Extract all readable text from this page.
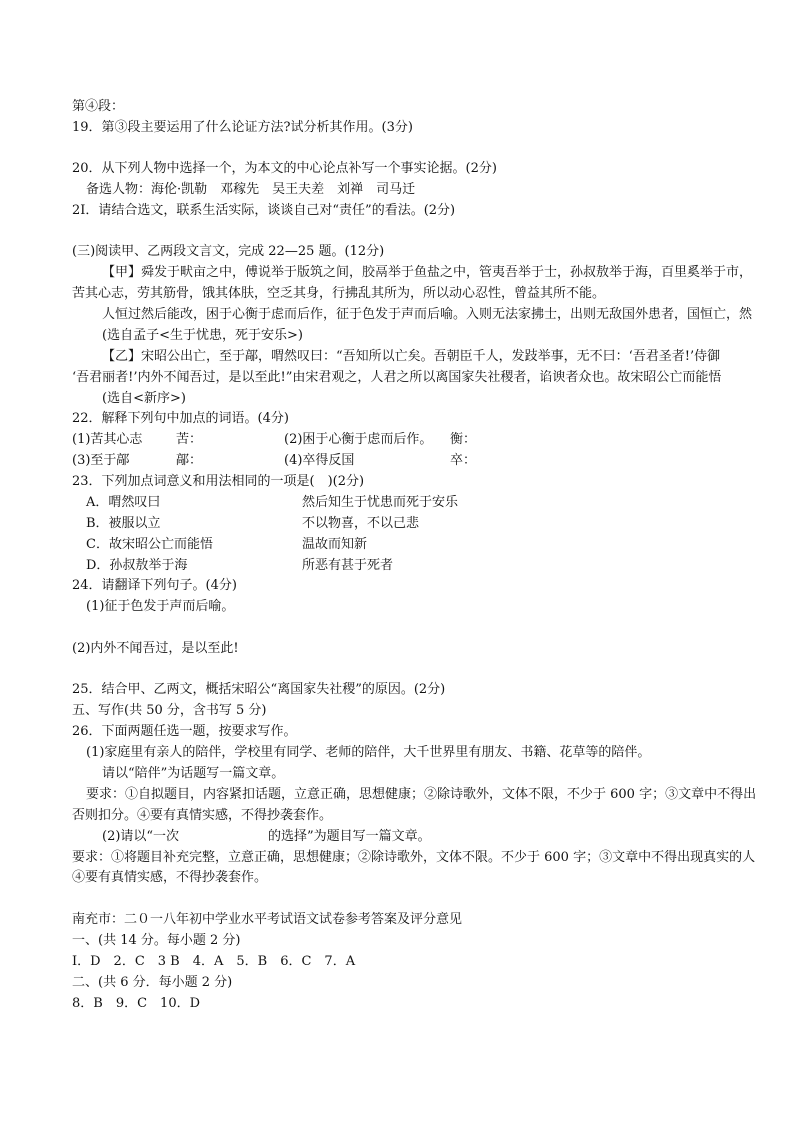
第④段：
19．第③段主要运用了什么论证方法?试分析其作用。(3分)
20．从下列人物中选择一个，为本文的中心论点补写一个事实论据。(2分)
备选人物：海伦·凯勒　邓稼先　吴王夫差　刘禅　司马迁
2I．请结合选文，联系生活实际，谈谈自己对“责任”的看法。(2分)
(三)阅读甲、乙两段文言文，完成 22—25 题。(12分)
【甲】舜发于畎亩之中，傅说举于版筑之间，胶鬲举于鱼盐之中，管夷吾举于士，孙叔敖举于海，百里奚举于市，
苦其心志，劳其筋骨，饿其体肤，空乏其身，行拂乱其所为，所以动心忍性，曾益其所不能。
人恒过然后能改，困于心衡于虑而后作，征于色发于声而后喻。入则无法家拂士，出则无敌国外患者，国恒亡，然
(选自孟子<生于忧患，死于安乐>)
【乙】宋昭公出亡，至于鄗，喟然叹曰：“吾知所以亡矣。吾朝臣千人，发跂举事，无不曰：‘吾君圣者!’侍御
‘吾君丽者!’内外不闻吾过，是以至此!”由宋君观之，人君之所以离国家失社稷者，谄谀者众也。故宋昭公亡而能悟
(选自<新序>)
22．解释下列句中加点的词语。(4分)
(1)苦其心志	苦：	(2)困于心衡于虑而后作。 衡：
(3)至于鄗	鄗：	(4)卒得反国	卒：
23．下列加点词意义和用法相同的一项是(　)(2分)
A．喟然叹曰	然后知生于忧患而死于安乐
B．被服以立	不以物喜，不以己悲
C．故宋昭公亡而能悟	温故而知新
D．孙叔敖举于海	所恶有甚于死者
24．请翻译下列句子。(4分)
(1)征于色发于声而后喻。
(2)内外不闻吾过，是以至此!
25．结合甲、乙两文，概括宋昭公“离国家失社稷”的原因。(2分)
五、写作(共 50 分，含书写 5 分)
26．下面两题任选一题，按要求写作。
(1)家庭里有亲人的陪伴，学校里有同学、老师的陪伴，大千世界里有朋友、书籍、花草等的陪伴。
请以“陪伴”为话题写一篇文章。
要求：①自拟题目，内容紧扣话题，立意正确，思想健康；②除诗歌外，文体不限，不少于 600 字；③文章中不得出
否则扣分。④要有真情实感，不得抄袭套作。
(2)请以“一次	的选择”为题目写一篇文章。
要求：①将题目补充完整，立意正确，思想健康；②除诗歌外，文体不限。不少于 600 字；③文章中不得出现真实的人
④要有真情实感，不得抄袭套作。
南充市：二０一八年初中学业水平考试语文试卷参考答案及评分意见
一、(共 14 分。每小题 2 分)
I．D　2．C　3 B　4．A　5．B　6．C　7．A
二、(共 6 分．每小题 2 分)
8．B　9．C　10．D
